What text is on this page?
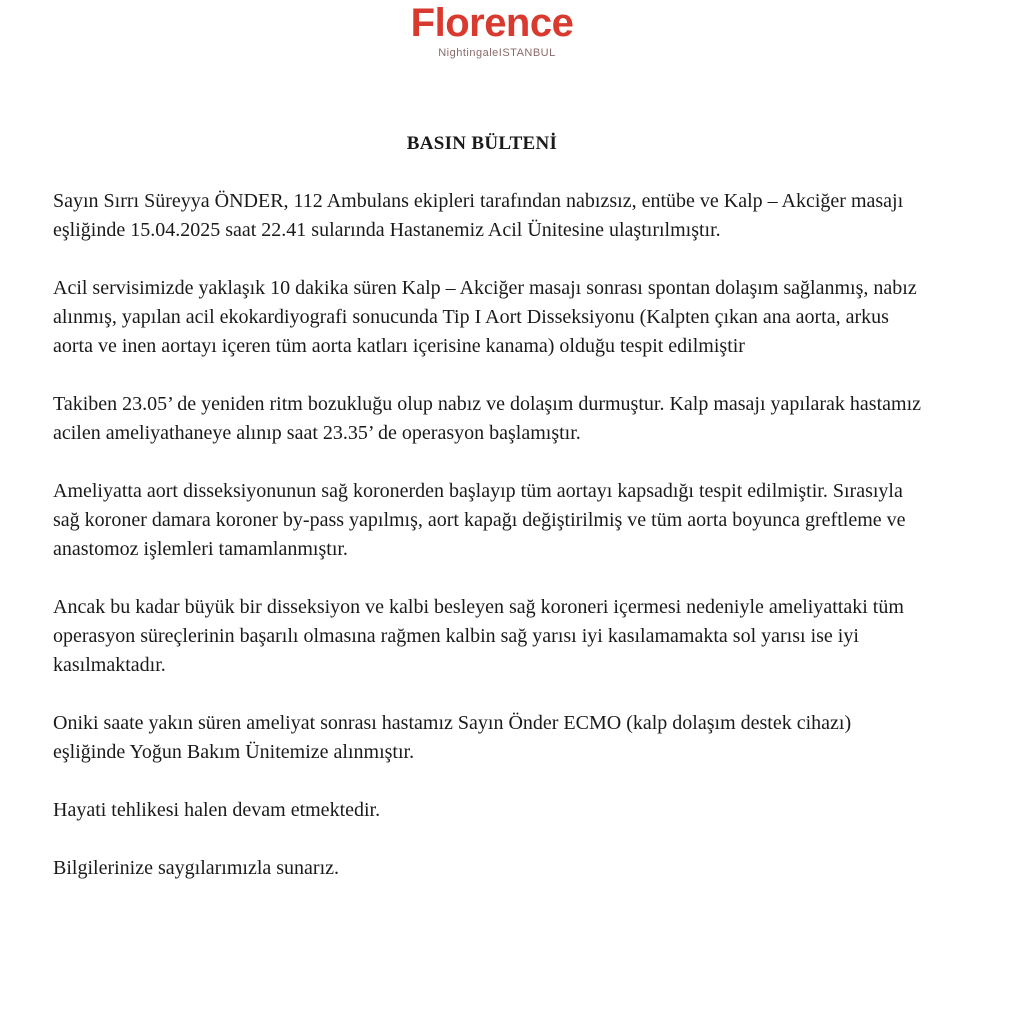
Florence
NightingaleISTANBUL
BASIN BÜLTENİ

Sayın Sırrı Süreyya ÖNDER, 112 Ambulans ekipleri tarafından nabızsız, entübe ve Kalp – Akciğer masajı eşliğinde 15.04.2025 saat 22.41 sularında Hastanemiz Acil Ünitesine ulaştırılmıştır.

Acil servisimizde yaklaşık 10 dakika süren Kalp – Akciğer masajı sonrası spontan dolaşım sağlanmış, nabız alınmış, yapılan acil ekokardiyografi sonucunda Tip I Aort Disseksiyonu (Kalpten çıkan ana aorta, arkus aorta ve inen aortayı içeren tüm aorta katları içerisine kanama) olduğu tespit edilmiştir

Takiben 23.05’ de yeniden ritm bozukluğu olup nabız ve dolaşım durmuştur. Kalp masajı yapılarak hastamız acilen ameliyathaneye alınıp saat 23.35’ de operasyon başlamıştır.

Ameliyatta aort disseksiyonunun sağ koronerden başlayıp tüm aortayı kapsadığı tespit edilmiştir. Sırasıyla sağ koroner damara koroner by-pass yapılmış, aort kapağı değiştirilmiş ve tüm aorta boyunca greftleme ve anastomoz işlemleri tamamlanmıştır.

Ancak bu kadar büyük bir disseksiyon ve kalbi besleyen sağ koroneri içermesi nedeniyle ameliyattaki tüm operasyon süreçlerinin başarılı olmasına rağmen kalbin sağ yarısı iyi kasılamamakta sol yarısı ise iyi kasılmaktadır.

Oniki saate yakın süren ameliyat sonrası hastamız Sayın Önder ECMO (kalp dolaşım destek cihazı) eşliğinde Yoğun Bakım Ünitemize alınmıştır.

Hayati tehlikesi halen devam etmektedir.

Bilgilerinize saygılarımızla sunarız.
